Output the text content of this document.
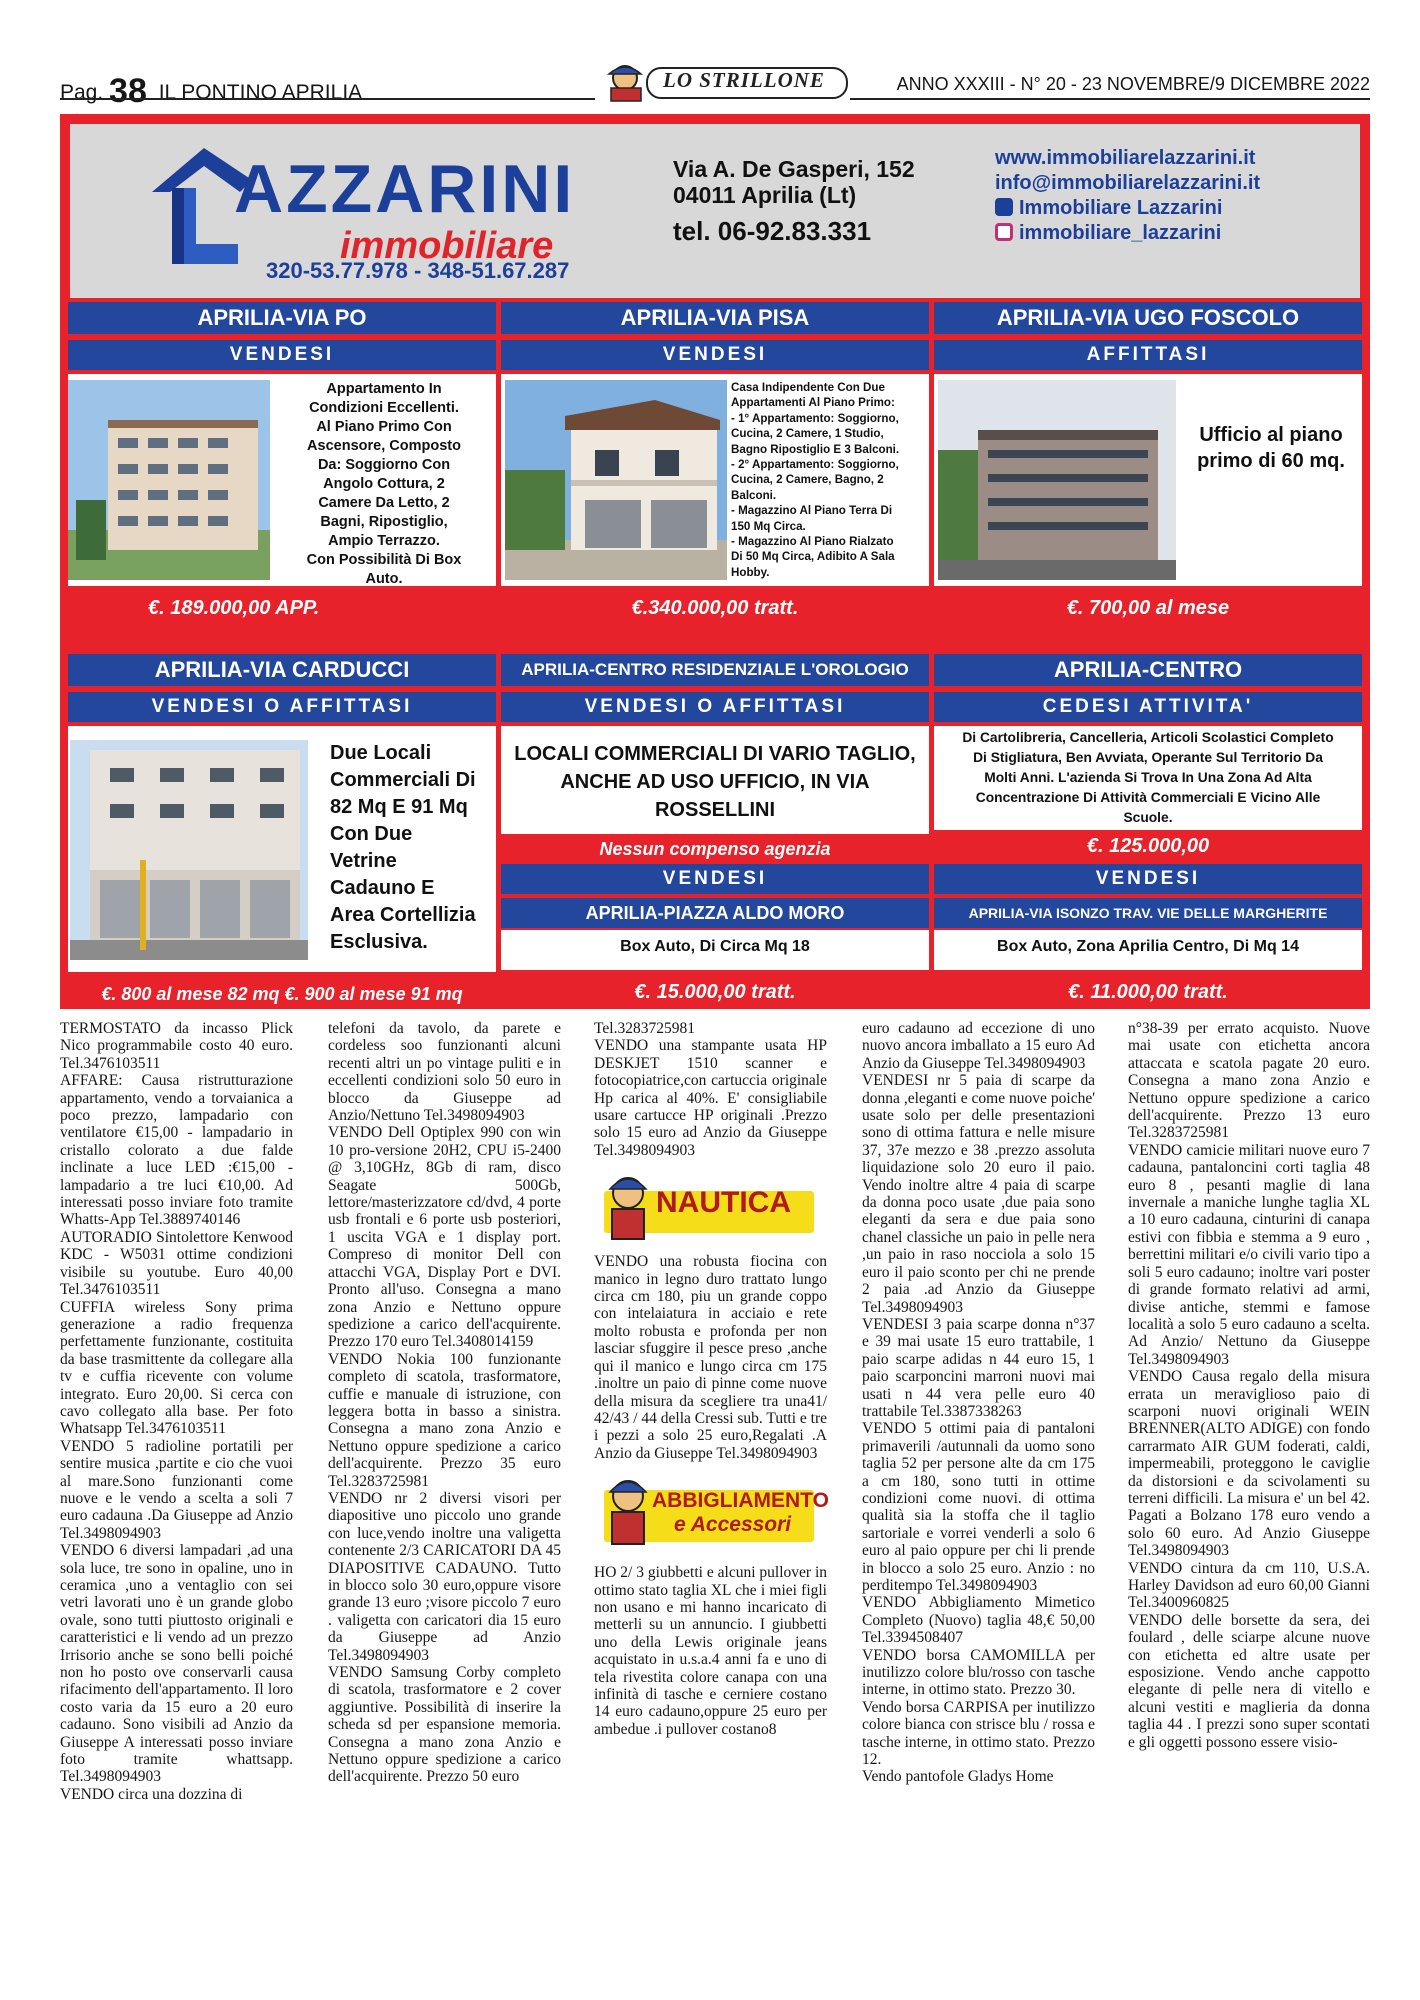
Pag. 38 IL PONTINO APRILIA
LO STRILLONE	ANNO XXXIII - N° 20 - 23 NOVEMBRE/9 DICEMBRE 2022
AZZARINI
immobiliare
320-53.77.978 - 348-51.67.287
Via A. De Gasperi, 152
04011 Aprilia (Lt)
tel. 06-92.83.331
www.immobiliarelazzarini.it
info@immobiliarelazzarini.it
Immobiliare Lazzarini
immobiliare_lazzarini
APRILIA-VIA PO
VENDESI
Appartamento In
Condizioni Eccellenti.
Al Piano Primo Con
Ascensore, Composto
Da: Soggiorno Con
Angolo Cottura, 2
Camere Da Letto, 2
Bagni, Ripostiglio,
Ampio Terrazzo.
Con Possibilità Di Box
Auto.
€. 189.000,00 APP.
APRILIA-VIA PISA
VENDESI
Casa Indipendente Con Due
Appartamenti Al Piano Primo:
- 1° Appartamento: Soggiorno,
Cucina, 2 Camere, 1 Studio,
Bagno Ripostiglio E 3 Balconi.
- 2° Appartamento: Soggiorno,
Cucina, 2 Camere, Bagno, 2
Balconi.
- Magazzino Al Piano Terra Di
150 Mq Circa.
- Magazzino Al Piano Rialzato
Di 50 Mq Circa, Adibito A Sala
Hobby.
€.340.000,00 tratt.
APRILIA-VIA UGO FOSCOLO
AFFITTASI
Ufficio al piano
primo di 60 mq.
€. 700,00 al mese
APRILIA-VIA CARDUCCI
VENDESI O AFFITTASI
Due Locali
Commerciali Di
82 Mq E 91 Mq
Con Due
Vetrine
Cadauno E
Area Cortellizia
Esclusiva.
€. 800 al mese 82 mq €. 900 al mese 91 mq
APRILIA-CENTRO RESIDENZIALE L'OROLOGIO
VENDESI O AFFITTASI
LOCALI COMMERCIALI DI VARIO TAGLIO,
ANCHE AD USO UFFICIO, IN VIA
ROSSELLINI
Nessun compenso agenzia
VENDESI
APRILIA-PIAZZA ALDO MORO
Box Auto, Di Circa Mq 18
€. 15.000,00 tratt.
APRILIA-CENTRO
CEDESI ATTIVITA'
Di Cartolibreria, Cancelleria, Articoli Scolastici Completo
Di Stigliatura, Ben Avviata, Operante Sul Territorio Da
Molti Anni. L'azienda Si Trova In Una Zona Ad Alta
Concentrazione Di Attività Commerciali E Vicino Alle
Scuole.
€. 125.000,00
VENDESI
APRILIA-VIA ISONZO TRAV. VIE DELLE MARGHERITE
Box Auto, Zona Aprilia Centro, Di Mq 14
€. 11.000,00 tratt.

TERMOSTATO da incasso Plick Nico programmabile costo 40 euro. Tel.3476103511

AFFARE: Causa ristrutturazione appartamento, vendo a torvaianica a poco prezzo, lampadario con ventilatore €15,00 - lampadario in cristallo colorato a due falde inclinate a luce LED :€15,00 - lampadario a tre luci €10,00. Ad interessati posso inviare foto tramite Whatts-App Tel.3889740146

AUTORADIO Sintolettore Kenwood KDC - W5031 ottime condizioni visibile su youtube. Euro 40,00 Tel.3476103511

CUFFIA wireless Sony prima generazione a radio frequenza perfettamente funzionante, costituita da base trasmittente da collegare alla tv e cuffia ricevente con volume integrato. Euro 20,00. Si cerca con cavo collegato alla base. Per foto Whatsapp Tel.3476103511

VENDO 5 radioline portatili per sentire musica ,partite e cio che vuoi al mare.Sono funzionanti come nuove e le vendo a scelta a soli 7 euro cadauna .Da Giuseppe ad Anzio Tel.3498094903

VENDO 6 diversi lampadari ,ad una sola luce, tre sono in opaline, uno in ceramica ,uno a ventaglio con sei vetri lavorati uno è un grande globo ovale, sono tutti piuttosto originali e caratteristici e li vendo ad un prezzo Irrisorio anche se sono belli poiché non ho posto ove conservarli causa rifacimento dell'appartamento. Il loro costo varia da 15 euro a 20 euro cadauno. Sono visibili ad Anzio da Giuseppe A interessati posso inviare foto tramite whattsapp. Tel.3498094903

VENDO circa una dozzina di

telefoni da tavolo, da parete e cordeless soo funzionanti alcuni recenti altri un po vintage puliti e in eccellenti condizioni solo 50 euro in blocco da Giuseppe ad Anzio/Nettuno Tel.3498094903

VENDO Dell Optiplex 990 con win 10 pro-versione 20H2, CPU i5-2400 @ 3,10GHz, 8Gb di ram, disco Seagate 500Gb, lettore/masterizzatore cd/dvd, 4 porte usb frontali e 6 porte usb posteriori, 1 uscita VGA e 1 display port. Compreso di monitor Dell con attacchi VGA, Display Port e DVI. Pronto all'uso. Consegna a mano zona Anzio e Nettuno oppure spedizione a carico dell'acquirente. Prezzo 170 euro Tel.3408014159

VENDO Nokia 100 funzionante completo di scatola, trasformatore, cuffie e manuale di istruzione, con leggera botta in basso a sinistra. Consegna a mano zona Anzio e Nettuno oppure spedizione a carico dell'acquirente. Prezzo 35 euro Tel.3283725981

VENDO nr 2 diversi visori per diapositive uno piccolo uno grande con luce,vendo inoltre una valigetta contenente 2/3 CARICATORI DA 45 DIAPOSITIVE CADAUNO. Tutto in blocco solo 30 euro,oppure visore grande 13 euro ;visore piccolo 7 euro . valigetta con caricatori dia 15 euro da Giuseppe ad Anzio Tel.3498094903

VENDO Samsung Corby completo di scatola, trasformatore e 2 cover aggiuntive. Possibilità di inserire la scheda sd per espansione memoria. Consegna a mano zona Anzio e Nettuno oppure spedizione a carico dell'acquirente. Prezzo 50 euro

Tel.3283725981

VENDO una stampante usata HP DESKJET 1510 scanner e fotocopiatrice,con cartuccia originale Hp carica al 40%. E' consigliabile usare cartucce HP originali .Prezzo solo 15 euro ad Anzio da Giuseppe Tel.3498094903

NAUTICA

VENDO una robusta fiocina con manico in legno duro trattato lungo circa cm 180, piu un grande coppo con intelaiatura in acciaio e rete molto robusta e profonda per non lasciar sfuggire il pesce preso ,anche qui il manico e lungo circa cm 175 .inoltre un paio di pinne come nuove della misura da scegliere tra una41/ 42/43 / 44 della Cressi sub. Tutti e tre i pezzi a solo 25 euro,Regalati .A Anzio da Giuseppe Tel.3498094903

ABBIGLIAMENTO
e Accessori

HO 2/ 3 giubbetti e alcuni pullover in ottimo stato taglia XL che i miei figli non usano e mi hanno incaricato di metterli su un annuncio. I giubbetti uno della Lewis originale jeans acquistato in u.s.a.4 anni fa e uno di tela rivestita colore canapa con una infinità di tasche e cerniere costano 14 euro cadauno,oppure 25 euro per ambedue .i pullover costano8

euro cadauno ad eccezione di uno nuovo ancora imballato a 15 euro Ad Anzio da Giuseppe Tel.3498094903

VENDESI nr 5 paia di scarpe da donna ,eleganti e come nuove poiche' usate solo per delle presentazioni sono di ottima fattura e nelle misure 37, 37e mezzo e 38 .prezzo assoluta liquidazione solo 20 euro il paio. Vendo inoltre altre 4 paia di scarpe da donna poco usate ,due paia sono eleganti da sera e due paia sono chanel classiche un paio in pelle nera ,un paio in raso nocciola a solo 15 euro il paio sconto per chi ne prende 2 paia .ad Anzio da Giuseppe Tel.3498094903

VENDESI 3 paia scarpe donna n°37 e 39 mai usate 15 euro trattabile, 1 paio scarpe adidas n 44 euro 15, 1 paio scarponcini marroni nuovi mai usati n 44 vera pelle euro 40 trattabile Tel.3387338263

VENDO 5 ottimi paia di pantaloni primaverili /autunnali da uomo sono taglia 52 per persone alte da cm 175 a cm 180, sono tutti in ottime condizioni come nuovi. di ottima qualità sia la stoffa che il taglio sartoriale e vorrei venderli a solo 6 euro al paio oppure per chi li prende in blocco a solo 25 euro. Anzio : no perditempo Tel.3498094903

VENDO Abbigliamento Mimetico Completo (Nuovo) taglia 48,€ 50,00 Tel.3394508407

VENDO borsa CAMOMILLA per inutilizzo colore blu/rosso con tasche interne, in ottimo stato. Prezzo 30.

Vendo borsa CARPISA per inutilizzo colore bianca con strisce blu / rossa e tasche interne, in ottimo stato. Prezzo 12.

Vendo pantofole Gladys Home

n°38-39 per errato acquisto. Nuove mai usate con etichetta ancora attaccata e scatola pagate 20 euro. Consegna a mano zona Anzio e Nettuno oppure spedizione a carico dell'acquirente. Prezzo 13 euro Tel.3283725981

VENDO camicie militari nuove euro 7 cadauna, pantaloncini corti taglia 48 euro 8 , pesanti maglie di lana invernale a maniche lunghe taglia XL a 10 euro cadauna, cinturini di canapa estivi con fibbia e stemma a 9 euro , berrettini militari e/o civili vario tipo a soli 5 euro cadauno; inoltre vari poster di grande formato relativi ad armi, divise antiche, stemmi e famose località a solo 5 euro cadauno a scelta. Ad Anzio/ Nettuno da Giuseppe Tel.3498094903

VENDO Causa regalo della misura errata un meraviglioso paio di scarponi nuovi originali WEIN BRENNER(ALTO ADIGE) con fondo carrarmato AIR GUM foderati, caldi, impermeabili, proteggono le caviglie da distorsioni e da scivolamenti su terreni difficili. La misura e' un bel 42. Pagati a Bolzano 178 euro vendo a solo 60 euro. Ad Anzio Giuseppe Tel.3498094903

VENDO cintura da cm 110, U.S.A. Harley Davidson ad euro 60,00 Gianni Tel.3400960825

VENDO delle borsette da sera, dei foulard , delle sciarpe alcune nuove con etichetta ed altre usate per esposizione. Vendo anche cappotto elegante di pelle nera di vitello e alcuni vestiti e maglieria da donna taglia 44 . I prezzi sono super scontati e gli oggetti possono essere visio-
